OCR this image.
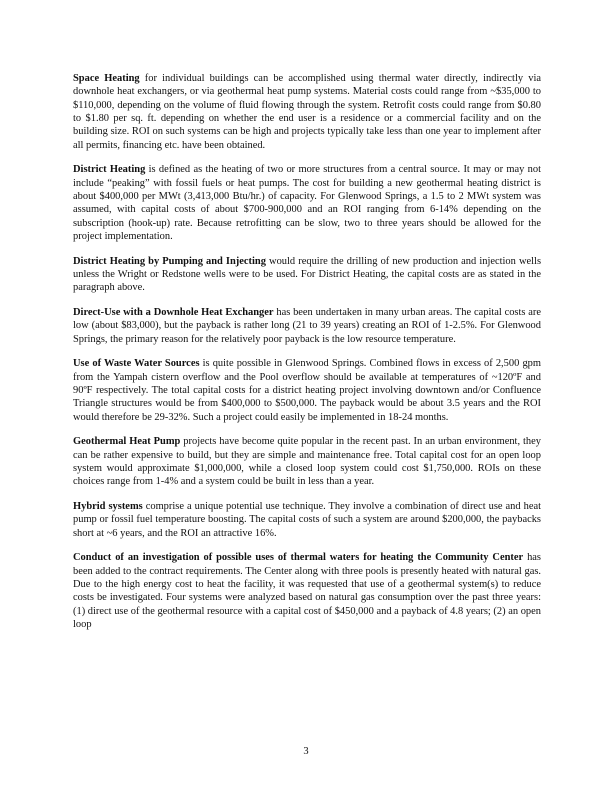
Space Heating for individual buildings can be accomplished using thermal water directly, indirectly via downhole heat exchangers, or via geothermal heat pump systems. Material costs could range from ~$35,000 to $110,000, depending on the volume of fluid flowing through the system. Retrofit costs could range from $0.80 to $1.80 per sq. ft. depending on whether the end user is a residence or a commercial facility and on the building size. ROI on such systems can be high and projects typically take less than one year to implement after all permits, financing etc. have been obtained.

District Heating is defined as the heating of two or more structures from a central source. It may or may not include “peaking” with fossil fuels or heat pumps. The cost for building a new geothermal heating district is about $400,000 per MWt (3,413,000 Btu/hr.) of capacity. For Glenwood Springs, a 1.5 to 2 MWt system was assumed, with capital costs of about $700-900,000 and an ROI ranging from 6-14% depending on the subscription (hook-up) rate. Because retrofitting can be slow, two to three years should be allowed for the project implementation.

District Heating by Pumping and Injecting would require the drilling of new production and injection wells unless the Wright or Redstone wells were to be used. For District Heating, the capital costs are as stated in the paragraph above.

Direct-Use with a Downhole Heat Exchanger has been undertaken in many urban areas. The capital costs are low (about $83,000), but the payback is rather long (21 to 39 years) creating an ROI of 1-2.5%. For Glenwood Springs, the primary reason for the relatively poor payback is the low resource temperature.

Use of Waste Water Sources is quite possible in Glenwood Springs. Combined flows in excess of 2,500 gpm from the Yampah cistern overflow and the Pool overflow should be available at temperatures of ~120ºF and 90ºF respectively. The total capital costs for a district heating project involving downtown and/or Confluence Triangle structures would be from $400,000 to $500,000. The payback would be about 3.5 years and the ROI would therefore be 29-32%. Such a project could easily be implemented in 18-24 months.

Geothermal Heat Pump projects have become quite popular in the recent past. In an urban environment, they can be rather expensive to build, but they are simple and maintenance free. Total capital cost for an open loop system would approximate $1,000,000, while a closed loop system could cost $1,750,000. ROIs on these choices range from 1-4% and a system could be built in less than a year.

Hybrid systems comprise a unique potential use technique. They involve a combination of direct use and heat pump or fossil fuel temperature boosting. The capital costs of such a system are around $200,000, the paybacks short at ~6 years, and the ROI an attractive 16%.

Conduct of an investigation of possible uses of thermal waters for heating the Community Center has been added to the contract requirements. The Center along with three pools is presently heated with natural gas. Due to the high energy cost to heat the facility, it was requested that use of a geothermal system(s) to reduce costs be investigated. Four systems were analyzed based on natural gas consumption over the past three years: (1) direct use of the geothermal resource with a capital cost of $450,000 and a payback of 4.8 years; (2) an open loop

3
